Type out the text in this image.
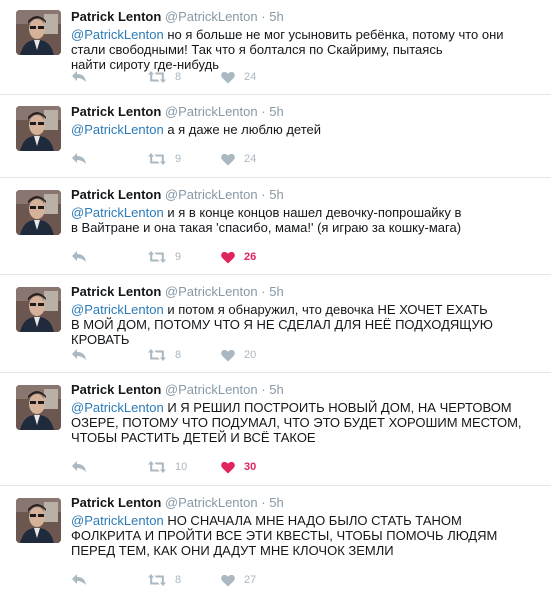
Patrick Lenton @PatrickLenton · 5h
@PatrickLenton но я больше не мог усыновить ребёнка, потому что они
стали свободными! Так что я болтался по Скайриму, пытаясь
найти сироту где-нибудь
8	24
Patrick Lenton @PatrickLenton · 5h
@PatrickLenton а я даже не люблю детей
9	24
Patrick Lenton @PatrickLenton · 5h
@PatrickLenton и я в конце концов нашел девочку-попрошайку в
в Вайтране и она такая 'спасибо, мама!' (я играю за кошку-мага)
9	26
Patrick Lenton @PatrickLenton · 5h
@PatrickLenton и потом я обнаружил, что девочка НЕ ХОЧЕТ ЕХАТЬ
В МОЙ ДОМ, ПОТОМУ ЧТО Я НЕ СДЕЛАЛ ДЛЯ НЕЁ ПОДХОДЯЩУЮ
КРОВАТЬ
8	20
Patrick Lenton @PatrickLenton · 5h
@PatrickLenton И Я РЕШИЛ ПОСТРОИТЬ НОВЫЙ ДОМ, НА ЧЕРТОВОМ
ОЗЕРЕ, ПОТОМУ ЧТО ПОДУМАЛ, ЧТО ЭТО БУДЕТ ХОРОШИМ МЕСТОМ,
ЧТОБЫ РАСТИТЬ ДЕТЕЙ И ВСЁ ТАКОЕ
10	30
Patrick Lenton @PatrickLenton · 5h
@PatrickLenton НО СНАЧАЛА МНЕ НАДО БЫЛО СТАТЬ ТАНОМ
ФОЛКРИТА И ПРОЙТИ ВСЕ ЭТИ КВЕСТЫ, ЧТОБЫ ПОМОЧЬ ЛЮДЯМ
ПЕРЕД ТЕМ, КАК ОНИ ДАДУТ МНЕ КЛОЧОК ЗЕМЛИ
8	27
